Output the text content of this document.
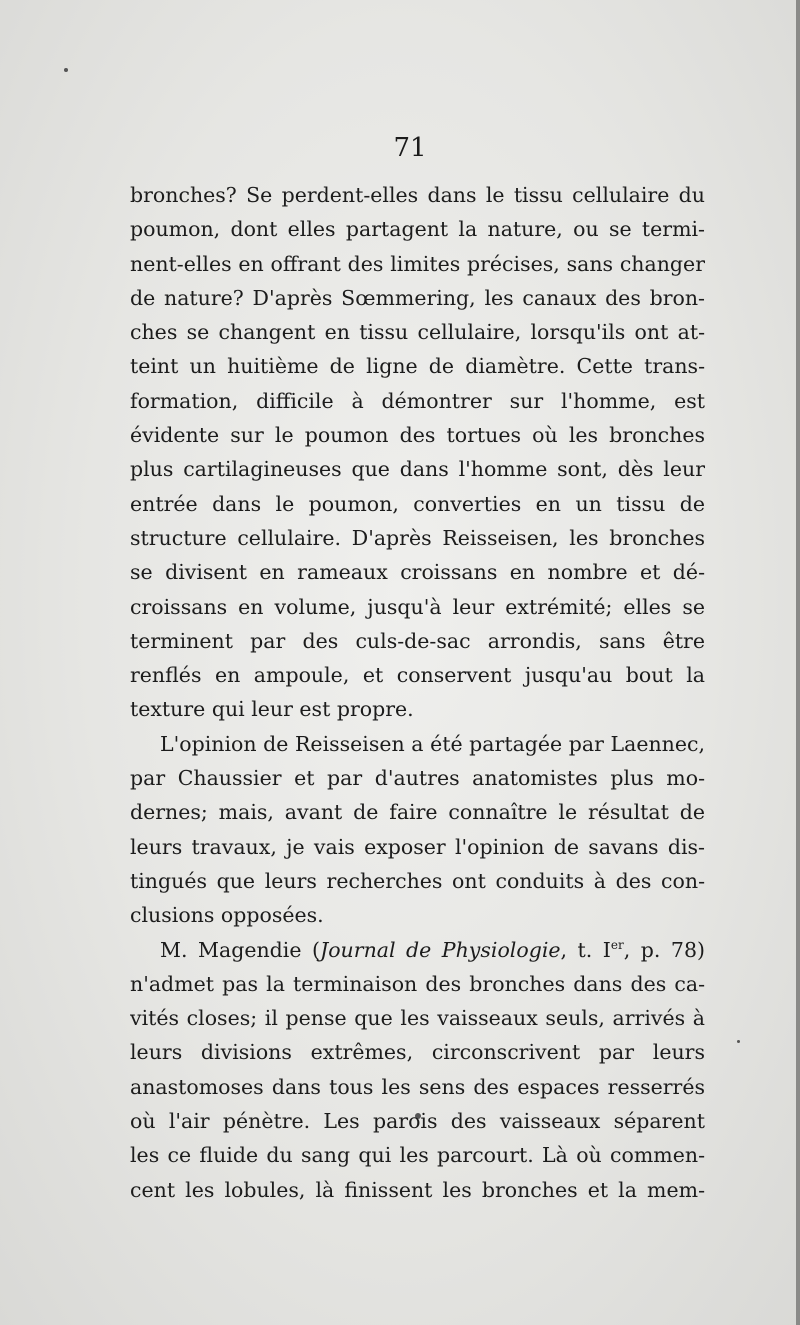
71
bronches? Se perdent-elles dans le tissu cellulaire du
poumon, dont elles partagent la nature, ou se termi-
nent-elles en offrant des limites précises, sans changer
de nature? D'après Sœmmering, les canaux des bron-
ches se changent en tissu cellulaire, lorsqu'ils ont at-
teint un huitième de ligne de diamètre. Cette trans-
formation, difficile à démontrer sur l'homme, est
évidente sur le poumon des tortues où les bronches
plus cartilagineuses que dans l'homme sont, dès leur
entrée dans le poumon, converties en un tissu de
structure cellulaire. D'après Reisseisen, les bronches
se divisent en rameaux croissans en nombre et dé-
croissans en volume, jusqu'à leur extrémité; elles se
terminent par des culs-de-sac arrondis, sans être
renflés en ampoule, et conservent jusqu'au bout la
texture qui leur est propre.
L'opinion de Reisseisen a été partagée par Laennec,
par Chaussier et par d'autres anatomistes plus mo-
dernes; mais, avant de faire connaître le résultat de
leurs travaux, je vais exposer l'opinion de savans dis-
tingués que leurs recherches ont conduits à des con-
clusions opposées.
M. Magendie (Journal de Physiologie, t. Ier, p. 78)
n'admet pas la terminaison des bronches dans des ca-
vités closes; il pense que les vaisseaux seuls, arrivés à
leurs divisions extrêmes, circonscrivent par leurs
anastomoses dans tous les sens des espaces resserrés
où l'air pénètre. Les parois des vaisseaux séparent
les ce fluide du sang qui les parcourt. Là où commen-
cent les lobules, là finissent les bronches et la mem-
